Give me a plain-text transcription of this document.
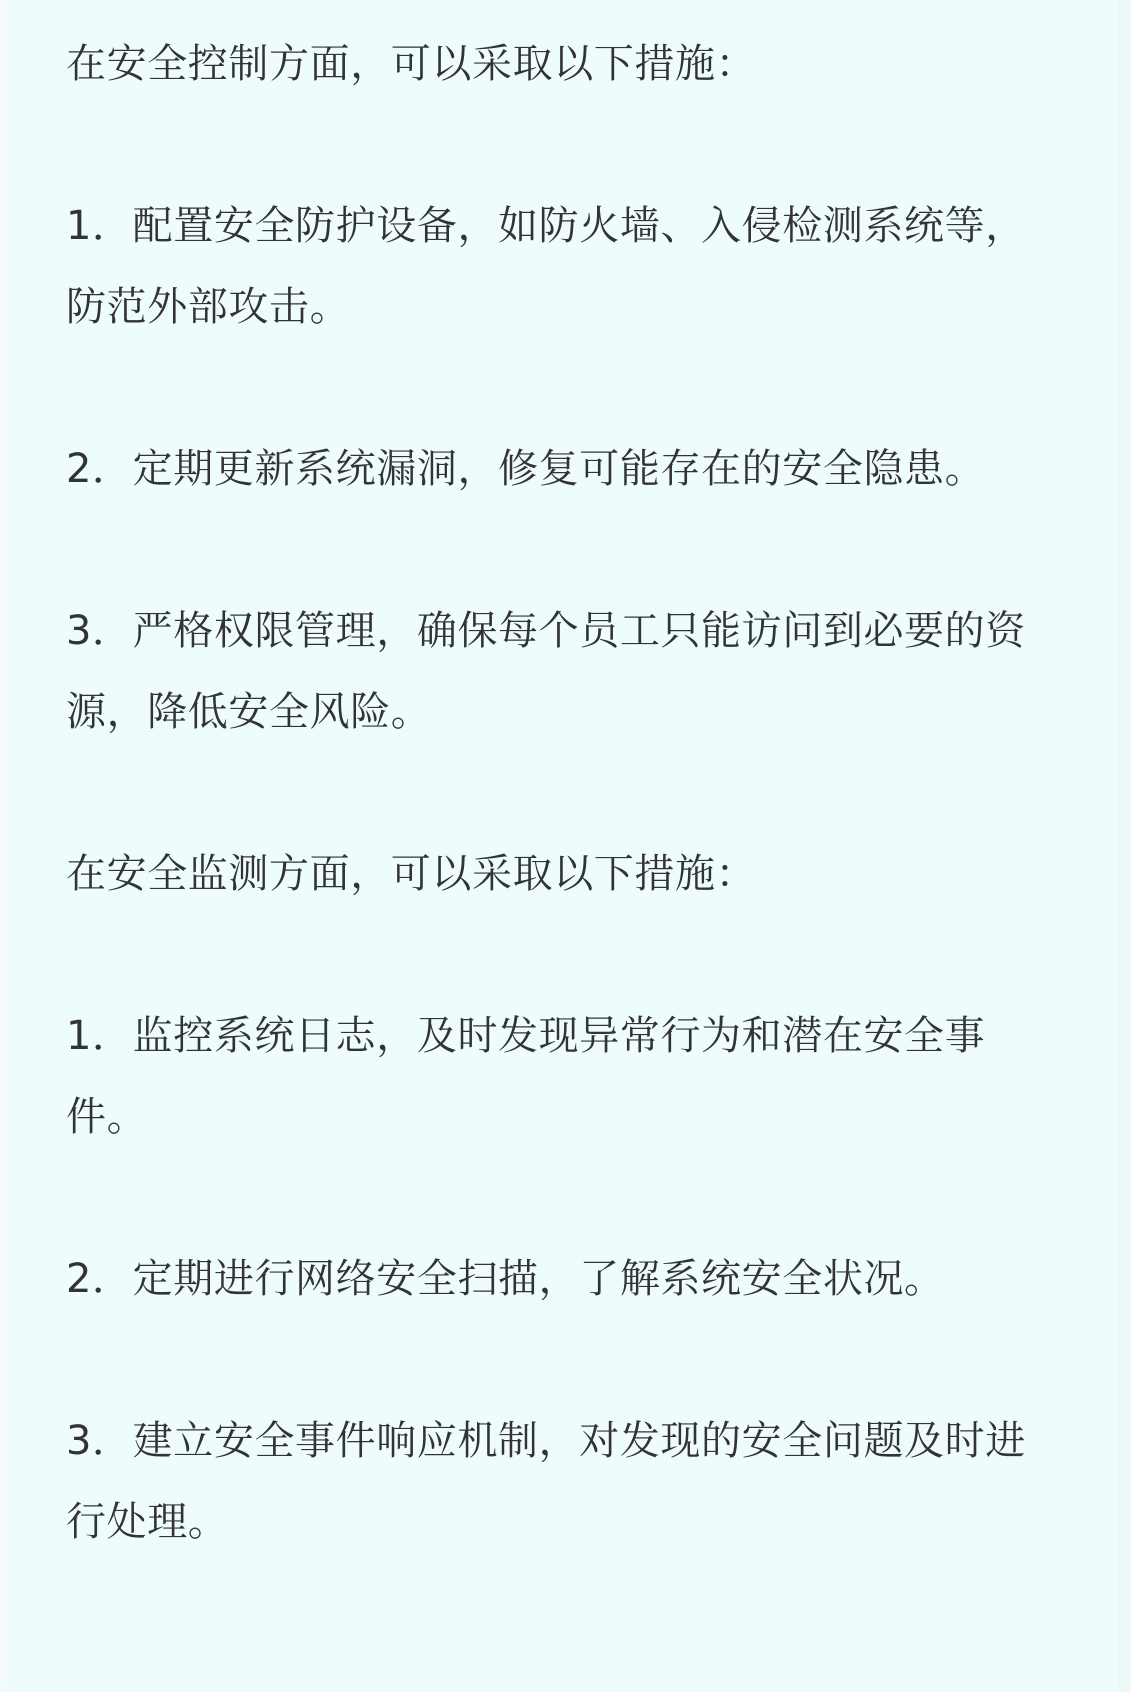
在安全控制方面，可以采取以下措施：

1．配置安全防护设备，如防火墙、入侵检测系统等，防范外部攻击。

2．定期更新系统漏洞，修复可能存在的安全隐患。

3．严格权限管理，确保每个员工只能访问到必要的资源，降低安全风险。

在安全监测方面，可以采取以下措施：

1．监控系统日志，及时发现异常行为和潜在安全事件。

2．定期进行网络安全扫描，了解系统安全状况。

3．建立安全事件响应机制，对发现的安全问题及时进行处理。
